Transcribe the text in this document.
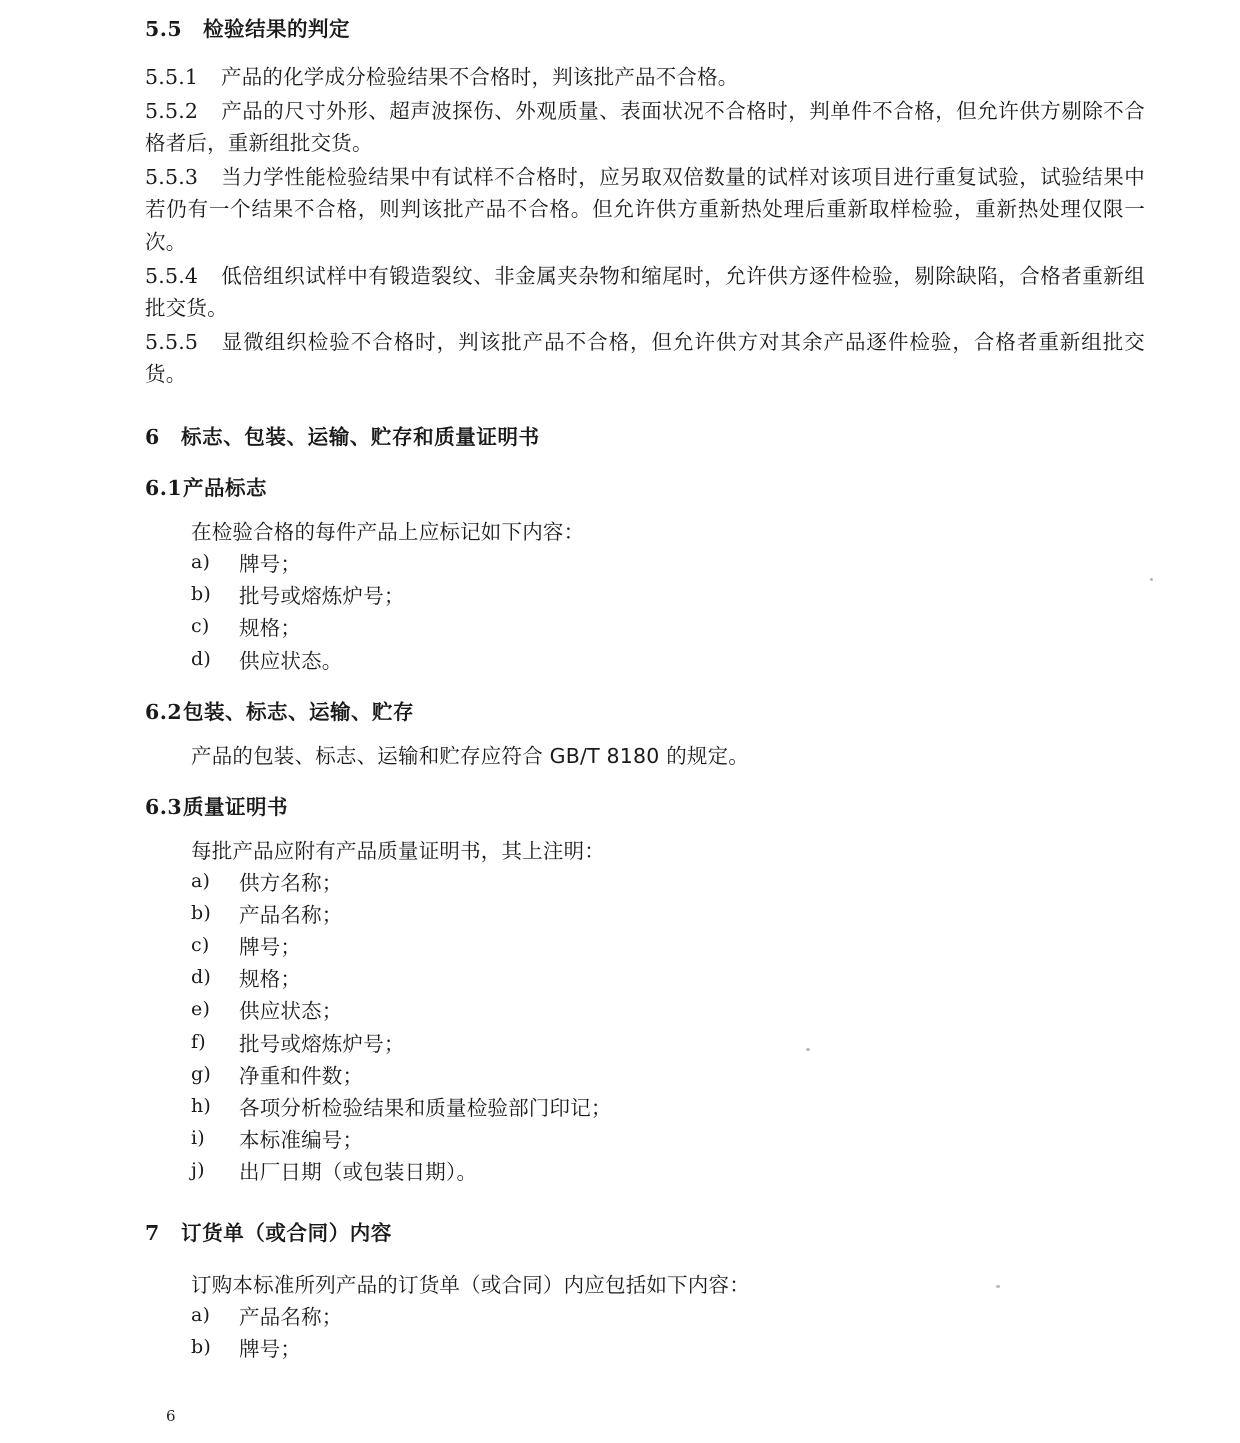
5.5 检验结果的判定

5.5.1 产品的化学成分检验结果不合格时，判该批产品不合格。

5.5.2 产品的尺寸外形、超声波探伤、外观质量、表面状况不合格时，判单件不合格，但允许供方剔除不合格者后，重新组批交货。

5.5.3 当力学性能检验结果中有试样不合格时，应另取双倍数量的试样对该项目进行重复试验，试验结果中若仍有一个结果不合格，则判该批产品不合格。但允许供方重新热处理后重新取样检验，重新热处理仅限一次。

5.5.4 低倍组织试样中有锻造裂纹、非金属夹杂物和缩尾时，允许供方逐件检验，剔除缺陷，合格者重新组批交货。

5.5.5 显微组织检验不合格时，判该批产品不合格，但允许供方对其余产品逐件检验，合格者重新组批交货。

6 标志、包装、运输、贮存和质量证明书
6.1产品标志

在检验合格的每件产品上应标记如下内容：

a)	牌号；
b)	批号或熔炼炉号；
c)	规格；
d)	供应状态。
6.2包装、标志、运输、贮存

产品的包装、标志、运输和贮存应符合 GB/T 8180 的规定。

6.3质量证明书

每批产品应附有产品质量证明书，其上注明：

a)	供方名称；
b)	产品名称；
c)	牌号；
d)	规格；
e)	供应状态；
f)	批号或熔炼炉号；
g)	净重和件数；
h)	各项分析检验结果和质量检验部门印记；
i)	本标准编号；
j)	出厂日期（或包装日期）。
7 订货单（或合同）内容

订购本标准所列产品的订货单（或合同）内应包括如下内容：

a)	产品名称；
b)	牌号；
6
